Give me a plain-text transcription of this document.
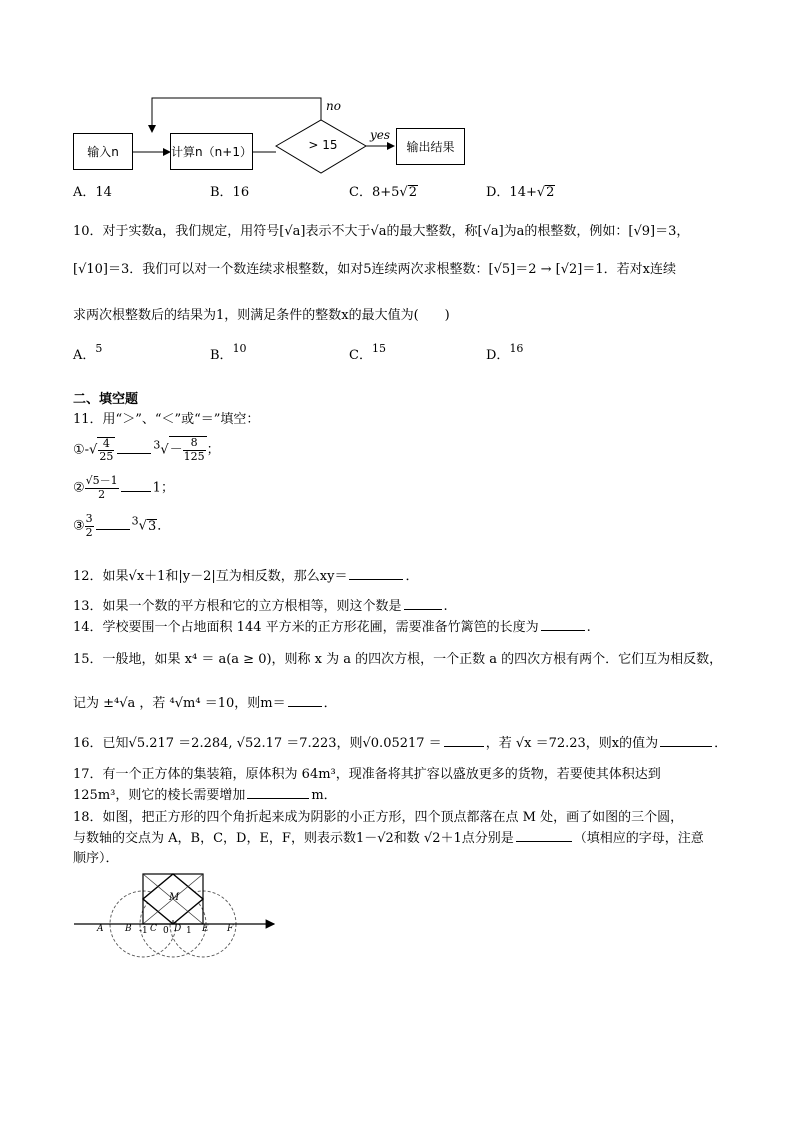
输入n	计算n（n+1）	> 15	输出结果
no
yes
A．14	B．16	C．8+5√2	D．14+√2
10．对于实数a，我们规定，用符号[√a]表示不大于√a的最大整数，称[√a]为a的根整数，例如：[√9]＝3，
[√10]＝3．我们可以对一个数连续求根整数，如对5连续两次求根整数：[√5]＝2 → [√2]＝1．若对x连续
求两次根整数后的结果为1，则满足条件的整数x的最大值为(　　)
A．$^5$	B．$^{10}$	C．$^{15}$	D．$^{16}$
二、填空题
11．用“＞”、“＜”或“＝”填空：
①-√ $\frac{4}{25}$	$^3√- \frac{8}{125}$ ；
② $\frac{√5-1}{2}$	1；
③ $\frac{3}{2}$	$^3$√3．
12．如果√x＋1和|y－2|互为相反数，那么xy＝	．
13．如果一个数的平方根和它的立方根相等，则这个数是	.
14．学校要围一个占地面积 144 平方米的正方形花圃，需要准备竹篱笆的长度为	.
15．一般地，如果 x⁴ ＝ a(a ≥ 0)，则称 x 为 a 的四次方根，一个正数 a 的四次方根有两个．它们互为相反数，
记为 ±⁴√a ，若 ⁴√m⁴ ＝10，则m＝	．
16．已知√5.217 ＝2.284, √52.17 ＝7.223，则√0.05217 ＝	，若 √x ＝72.23，则x的值为	．
17．有一个正方体的集装箱，原体积为 64m³，现准备将其扩容以盛放更多的货物，若要使其体积达到
125m³，则它的棱长需要增加	m．
18．如图，把正方形的四个角折起来成为阴影的小正方形，四个顶点都落在点 M 处，画了如图的三个圆，
与数轴的交点为 A，B，C，D，E，F，则表示数1－√2和数 √2＋1点分别是	（填相应的字母，注意
顺序）．
M
A B -1 C 0 D 1 E F
